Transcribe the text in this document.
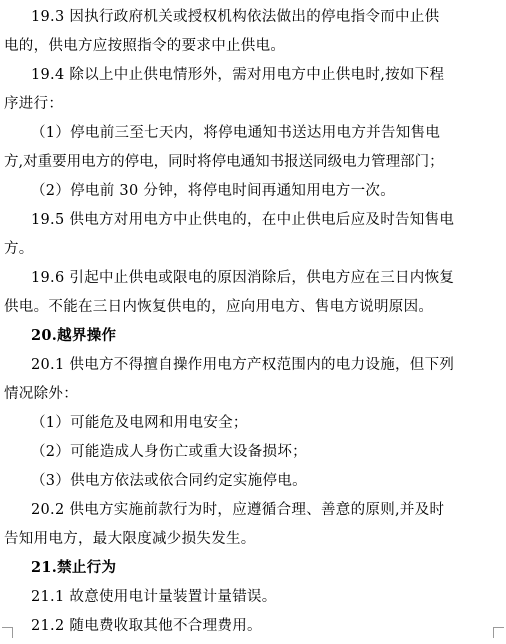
19.3 因执行政府机关或授权机构依法做出的停电指令而中止供
电的，供电方应按照指令的要求中止供电。
19.4 除以上中止供电情形外，需对用电方中止供电时,按如下程
序进行：
（1）停电前三至七天内，将停电通知书送达用电方并告知售电
方,对重要用电方的停电，同时将停电通知书报送同级电力管理部门；
（2）停电前 30 分钟，将停电时间再通知用电方一次。
19.5 供电方对用电方中止供电的，在中止供电后应及时告知售电
方。
19.6 引起中止供电或限电的原因消除后，供电方应在三日内恢复
供电。不能在三日内恢复供电的，应向用电方、售电方说明原因。
20.越界操作
20.1 供电方不得擅自操作用电方产权范围内的电力设施，但下列
情况除外：
（1）可能危及电网和用电安全；
（2）可能造成人身伤亡或重大设备损坏；
（3）供电方依法或依合同约定实施停电。
20.2 供电方实施前款行为时，应遵循合理、善意的原则,并及时
告知用电方，最大限度减少损失发生。
21.禁止行为
21.1 故意使用电计量装置计量错误。
21.2 随电费收取其他不合理费用。
